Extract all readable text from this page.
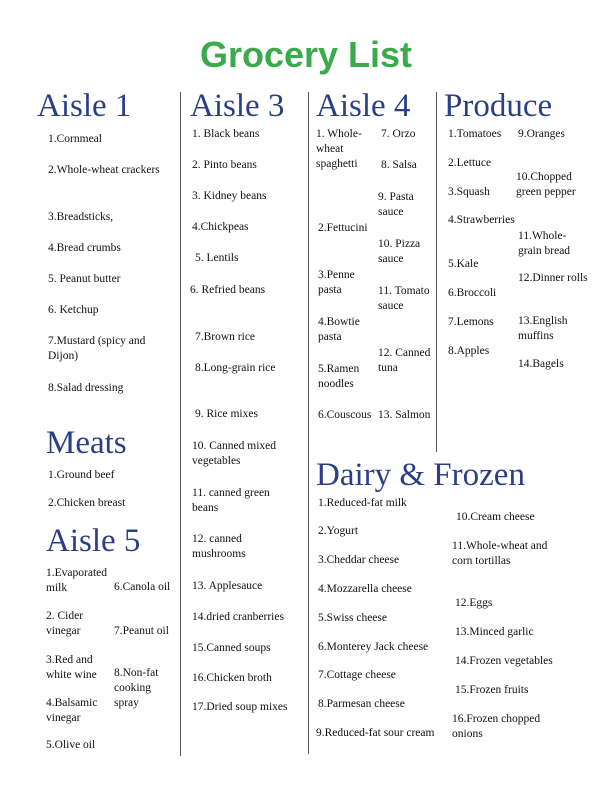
Grocery List
Aisle 1
1.Cornmeal
2.Whole-wheat crackers
3.Breadsticks,
4.Bread crumbs
5. Peanut butter
6. Ketchup
7.Mustard (spicy and Dijon)
8.Salad dressing
Meats
1.Ground beef
2.Chicken breast
Aisle 5
1.Evaporated milk
2. Cider vinegar
3.Red and white wine
4.Balsamic vinegar
5.Olive oil
6.Canola oil
7.Peanut oil
8.Non-fat cooking spray
Aisle 3
1. Black beans
2. Pinto beans
3. Kidney beans
4.Chickpeas
5. Lentils
6. Refried beans
7.Brown rice
8.Long-grain rice
9. Rice mixes
10. Canned mixed vegetables
11. canned green beans
12. canned mushrooms
13. Applesauce
14.dried cranberries
15.Canned soups
16.Chicken broth
17.Dried soup mixes
Aisle 4
1. Whole-wheat spaghetti
2.Fettucini
3.Penne pasta
4.Bowtie pasta
5.Ramen noodles
6.Couscous
7. Orzo
8. Salsa
9. Pasta sauce
10. Pizza sauce
11. Tomato sauce
12. Canned tuna
13. Salmon
Produce
1.Tomatoes
2.Lettuce
3.Squash
4.Strawberries
5.Kale
6.Broccoli
7.Lemons
8.Apples
9.Oranges
10.Chopped green pepper
11.Whole-grain bread
12.Dinner rolls
13.English muffins
14.Bagels
Dairy & Frozen
1.Reduced-fat milk
2.Yogurt
3.Cheddar cheese
4.Mozzarella cheese
5.Swiss cheese
6.Monterey Jack cheese
7.Cottage cheese
8.Parmesan cheese
9.Reduced-fat sour cream
10.Cream cheese
11.Whole-wheat and corn tortillas
12.Eggs
13.Minced garlic
14.Frozen vegetables
15.Frozen fruits
16.Frozen chopped onions
